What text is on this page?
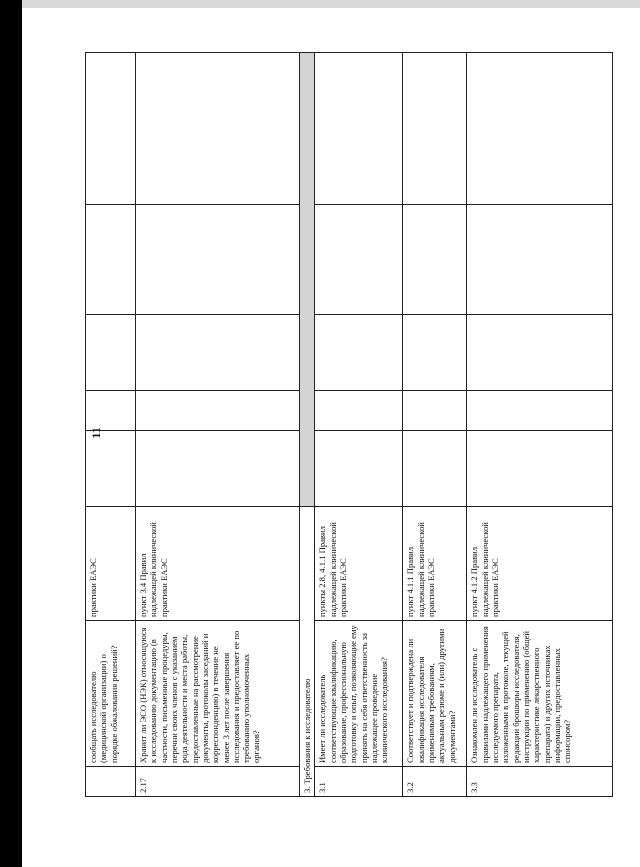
11
	сообщать исследователю (медицинской организации) о порядке обжалования решений?	практики ЕАЭС					
2.17	Хранит ли ЭСО (НЭК) относящуюся к исследованию документацию (в частности, письменные процедуры, перечни своих членов с указанием рода деятельности и места работы, предоставленные на рассмотрение документы, протоколы заседаний и корреспонденцию) в течение не менее 3 лет после завершения исследования и предоставляет ее по требованию уполномоченных органов?	пункт 3.4 Правил надлежащей клинической практики ЕАЭС					
3. Требования к исследователю							
3.1	Имеет ли исследователь соответствующие квалификацию, образование, профессиональную подготовку и опыт, позволяющие ему принять на себя ответственность за надлежащее проведение клинического исследования?	пункты 2.8, 4.1.1 Правил надлежащей клинической практики ЕАЭС					
3.2	Соответствует и подтверждена ли квалификация исследователя применимым требованиям, актуальным резюме и (или) другими документами?	пункт 4.1.1 Правил надлежащей клинической практики ЕАЭС					
3.3	Ознакомлен ли исследователь с правилами надлежащего применения исследуемого препарата, изложенными в протоколе, текущей редакции брошюры исследователя, инструкции по применению (общей характеристике лекарственного препарата) и других источниках информации, предоставленных спонсором?	пункт 4.1.2 Правил надлежащей клинической практики ЕАЭС					
